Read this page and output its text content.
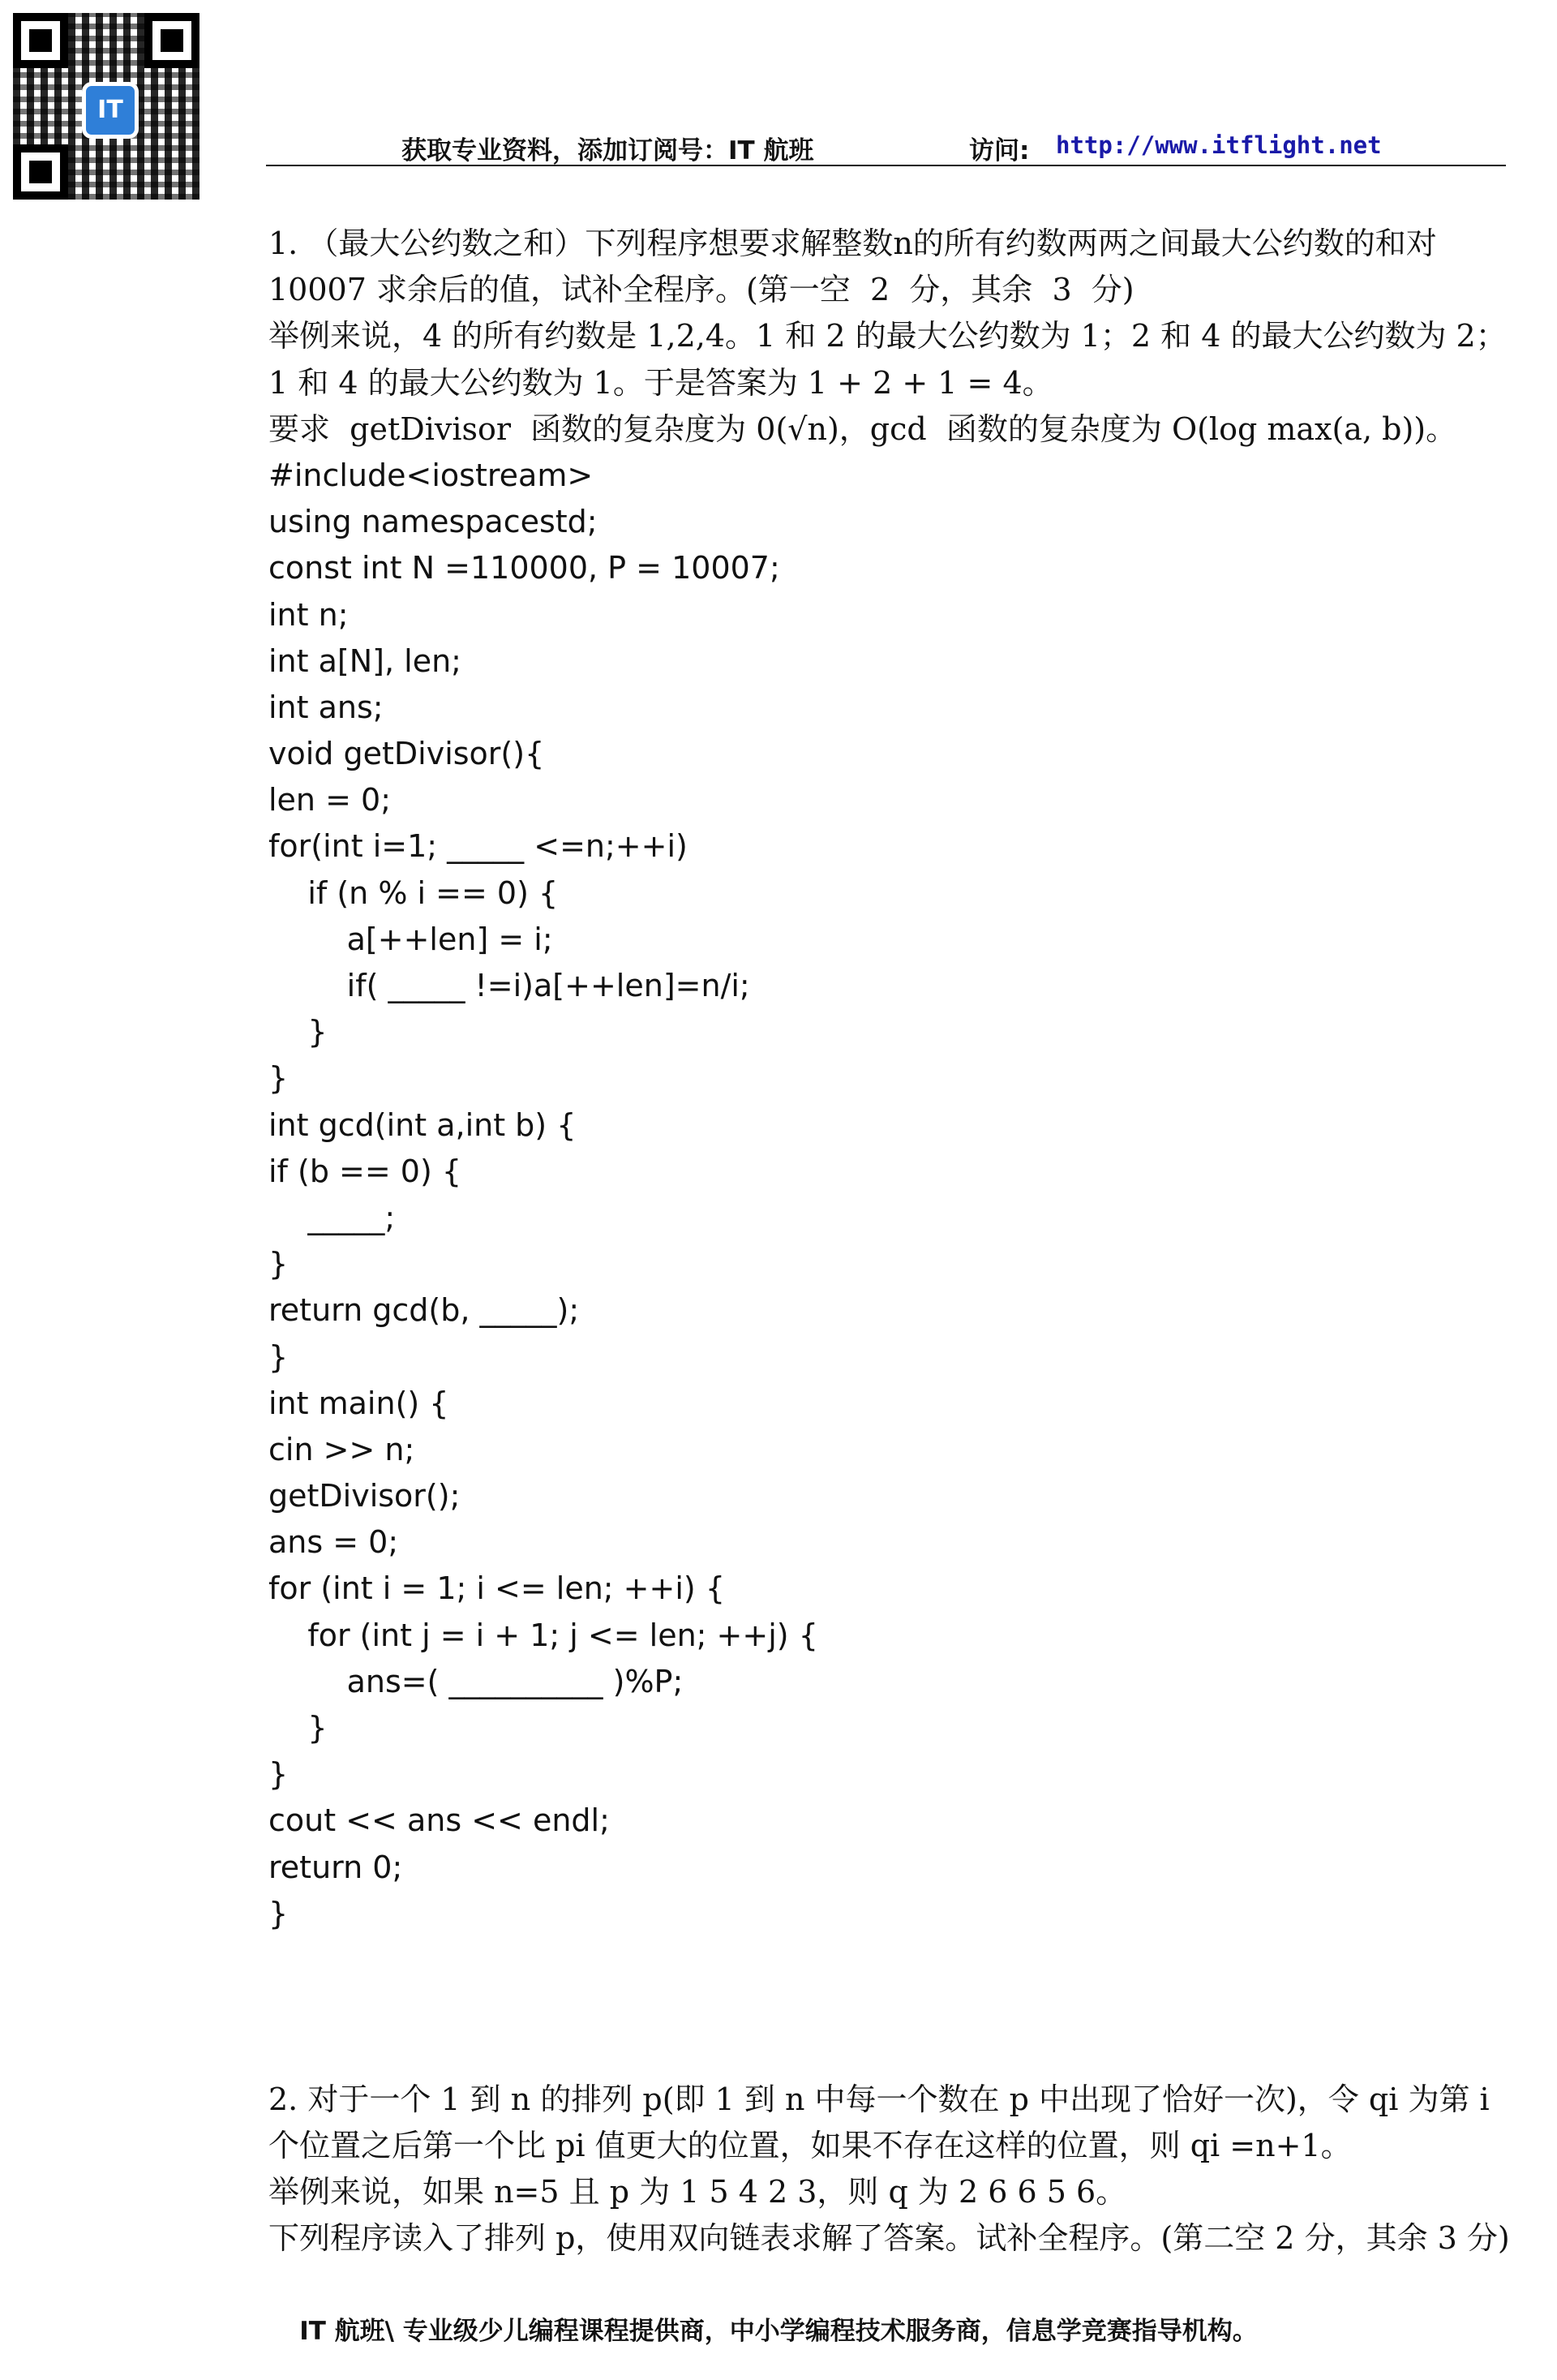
IT
获取专业资料，添加订阅号：IT 航班	访问: http://www.itflight.net
1. （最大公约数之和）下列程序想要求解整数n的所有约数两两之间最大公约数的和对
10007 求余后的值，试补全程序。(第一空  2  分，其余  3  分)
举例来说，4 的所有约数是 1,2,4。1 和 2 的最大公约数为 1；2 和 4 的最大公约数为 2；
1 和 4 的最大公约数为 1。于是答案为 1 + 2 + 1 = 4。
要求  getDivisor  函数的复杂度为 0(√n)，gcd  函数的复杂度为 O(log max(a, b))。
#include<iostream>
using namespacestd;
const int N =110000, P = 10007;
int n;
int a[N], len;
int ans;
void getDivisor(){
len = 0;
for(int i=1; _____ <=n;++i)
if (n % i == 0) {
a[++len] = i;
if( _____ !=i)a[++len]=n/i;
}
}
int gcd(int a,int b) {
if (b == 0) {
_____;
}
return gcd(b, _____);
}
int main() {
cin >> n;
getDivisor();
ans = 0;
for (int i = 1; i <= len; ++i) {
for (int j = i + 1; j <= len; ++j) {
ans=( __________ )%P;
}
}
cout << ans << endl;
return 0;
}
2. 对于一个 1 到 n 的排列 p(即 1 到 n 中每一个数在 p 中出现了恰好一次)，令 qi 为第 i
个位置之后第一个比 pi 值更大的位置，如果不存在这样的位置，则 qi =n+1。
举例来说，如果 n=5 且 p 为 1 5 4 2 3，则 q 为 2 6 6 5 6。
下列程序读入了排列 p，使用双向链表求解了答案。试补全程序。(第二空 2 分，其余 3 分)
IT 航班\ 专业级少儿编程课程提供商，中小学编程技术服务商，信息学竞赛指导机构。
